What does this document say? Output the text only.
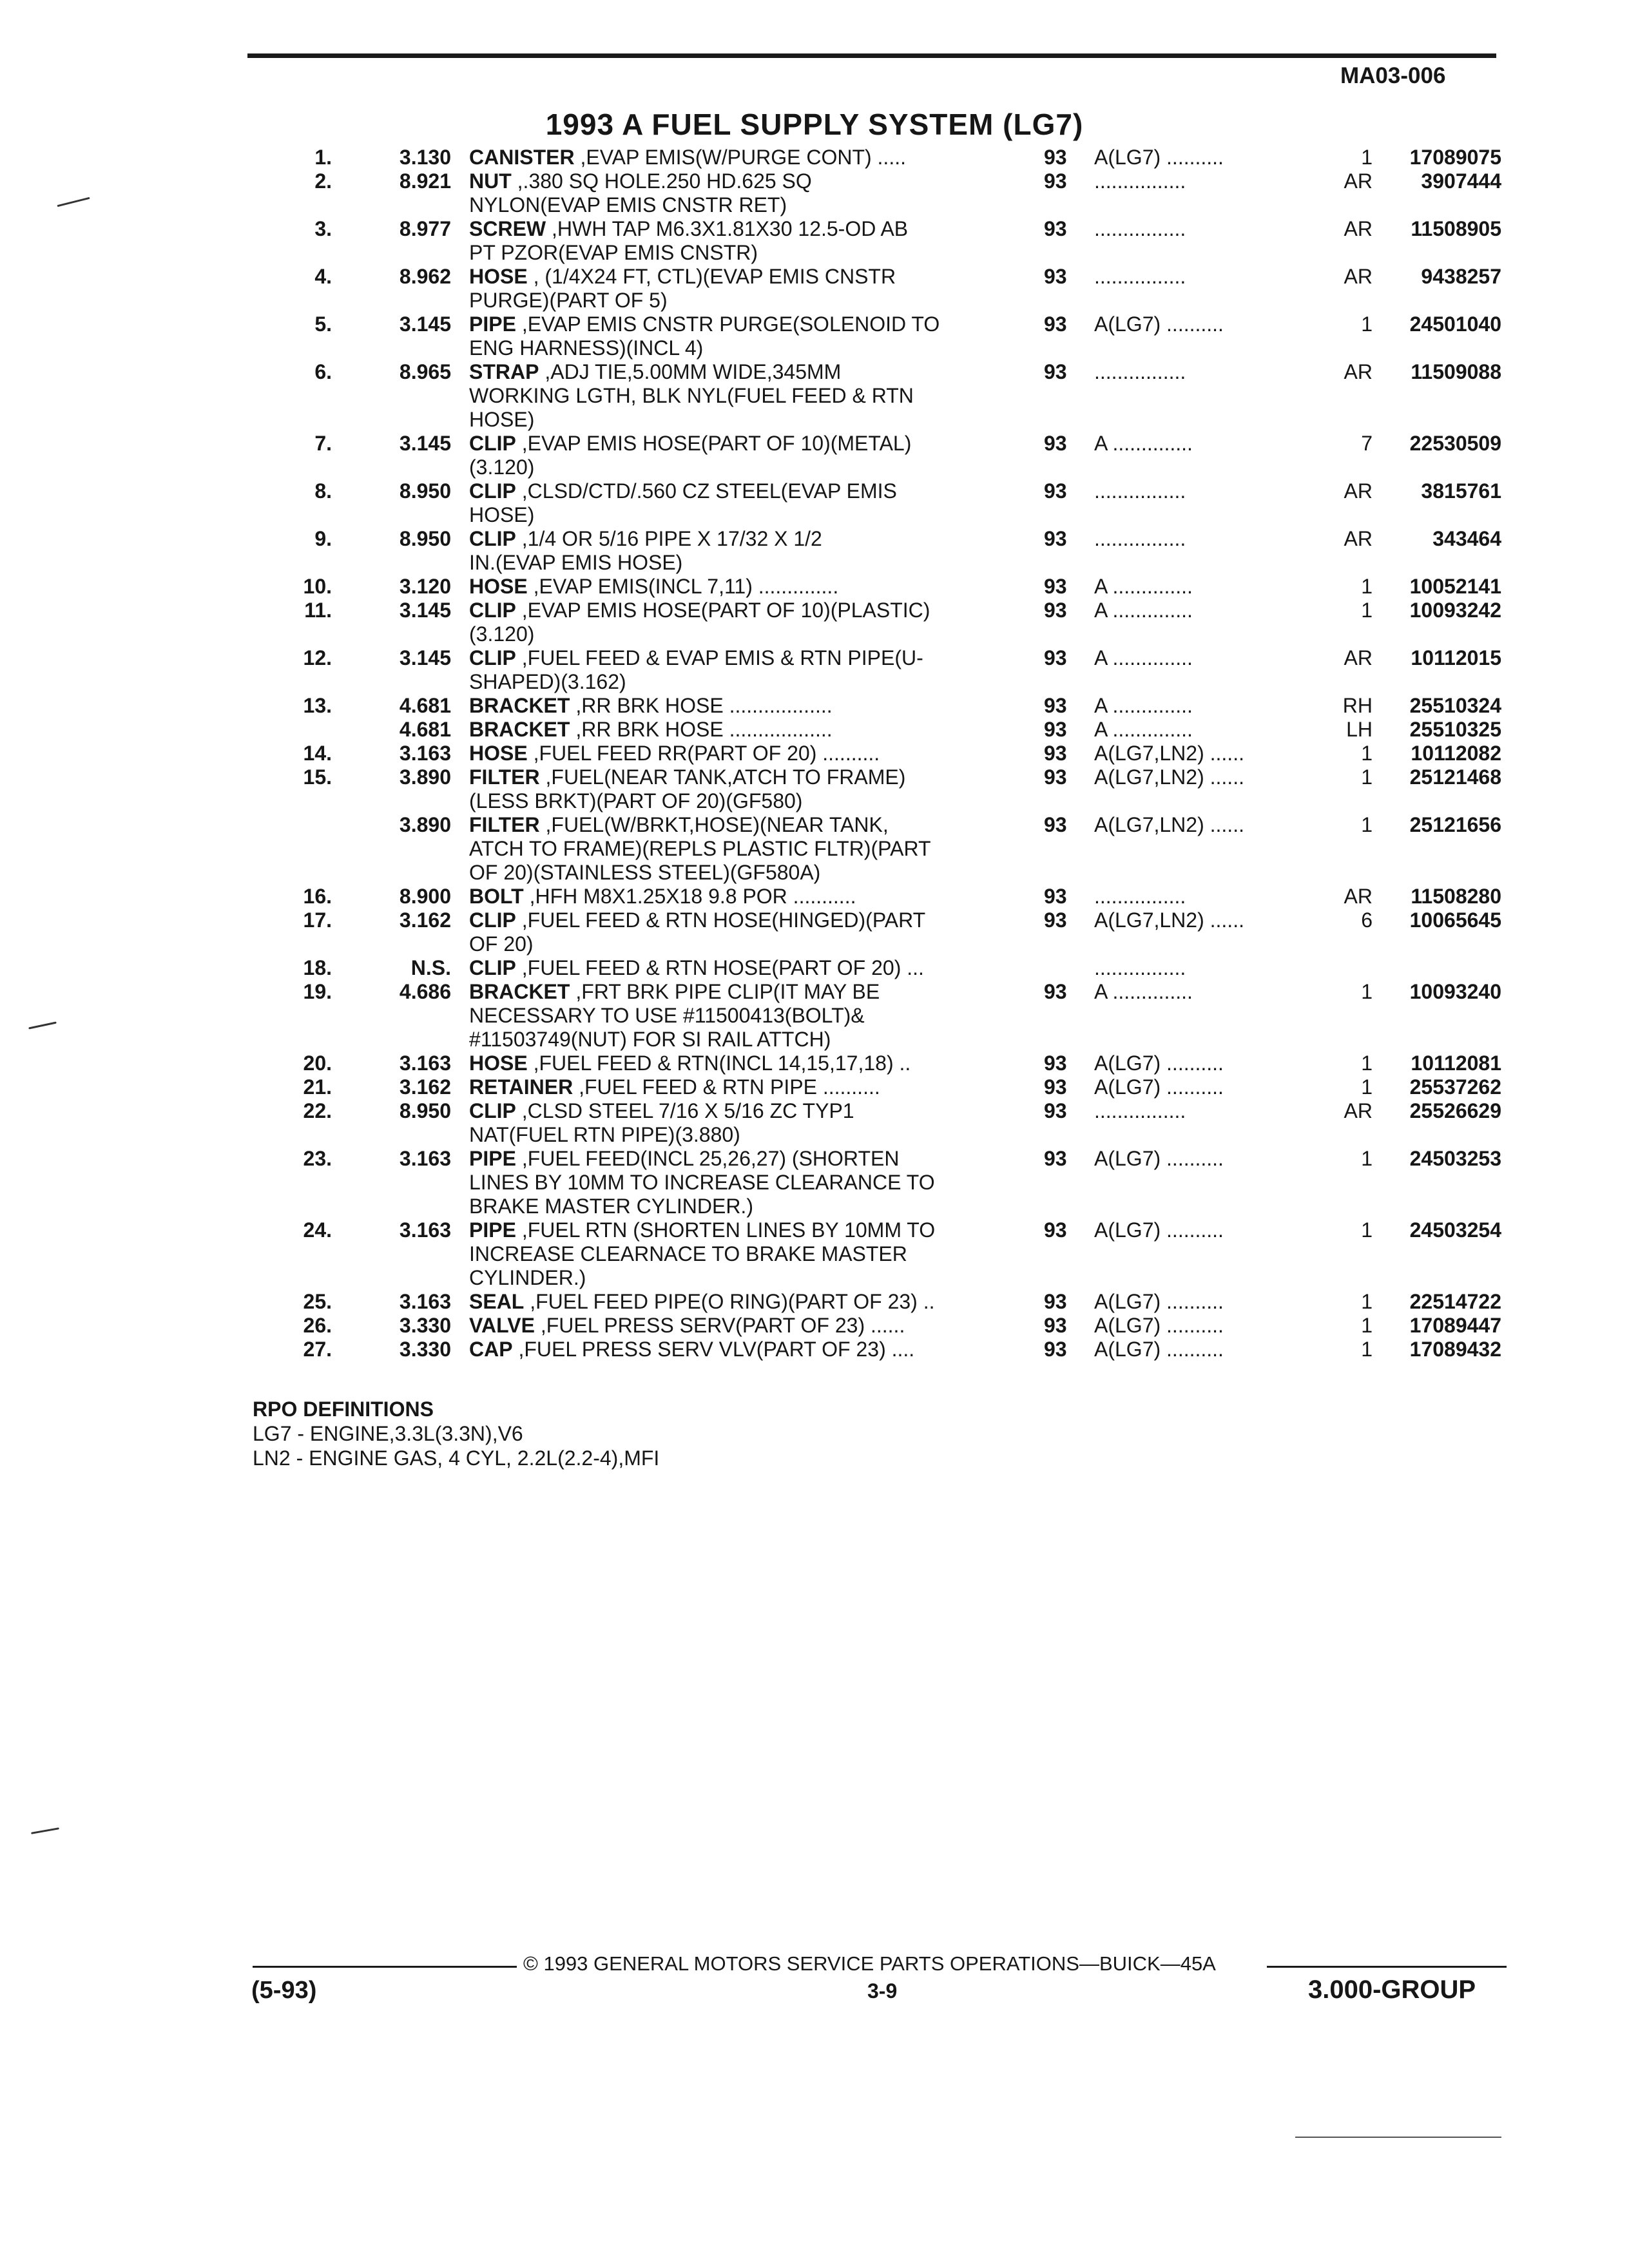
MA03-006
1993 A FUEL SUPPLY SYSTEM (LG7)
1.	3.130	93 A(LG7) ..........	1	17089075
CANISTER ,EVAP EMIS(W/PURGE CONT) .....
2.	8.921	93 ................	AR	3907444
NUT ,.380 SQ HOLE.250 HD.625 SQ
NYLON(EVAP EMIS CNSTR RET)
3.	8.977	93 ................	AR	11508905
SCREW ,HWH TAP M6.3X1.81X30 12.5-OD AB
PT PZOR(EVAP EMIS CNSTR)
4.	8.962	93 ................	AR	9438257
HOSE , (1/4X24 FT, CTL)(EVAP EMIS CNSTR
PURGE)(PART OF 5)
5.	3.145	93 A(LG7) ..........	1	24501040
PIPE ,EVAP EMIS CNSTR PURGE(SOLENOID TO
ENG HARNESS)(INCL 4)
6.	8.965	93 ................	AR	11509088
STRAP ,ADJ TIE,5.00MM WIDE,345MM
WORKING LGTH, BLK NYL(FUEL FEED & RTN
HOSE)
7.	3.145	93 A ..............	7	22530509
CLIP ,EVAP EMIS HOSE(PART OF 10)(METAL)
(3.120)
8.	8.950	93 ................	AR	3815761
CLIP ,CLSD/CTD/.560 CZ STEEL(EVAP EMIS
HOSE)
9.	8.950	93 ................	AR	343464
CLIP ,1/4 OR 5/16 PIPE X 17/32 X 1/2
IN.(EVAP EMIS HOSE)
10.	3.120	93 A ..............	1	10052141
HOSE ,EVAP EMIS(INCL 7,11) ..............
11.	3.145	93 A ..............	1	10093242
CLIP ,EVAP EMIS HOSE(PART OF 10)(PLASTIC)
(3.120)
12.	3.145	93 A ..............	AR	10112015
CLIP ,FUEL FEED & EVAP EMIS & RTN PIPE(U-
SHAPED)(3.162)
13.	4.681	93 A ..............	RH	25510324
BRACKET ,RR BRK HOSE ..................
4.681	93 A ..............	LH	25510325
BRACKET ,RR BRK HOSE ..................
14.	3.163	93 A(LG7,LN2) ......	1	10112082
HOSE ,FUEL FEED RR(PART OF 20) ..........
15.	3.890	93 A(LG7,LN2) ......	1	25121468
FILTER ,FUEL(NEAR TANK,ATCH TO FRAME)
(LESS BRKT)(PART OF 20)(GF580)
3.890	93 A(LG7,LN2) ......	1	25121656
FILTER ,FUEL(W/BRKT,HOSE)(NEAR TANK,
ATCH TO FRAME)(REPLS PLASTIC FLTR)(PART
OF 20)(STAINLESS STEEL)(GF580A)
16.	8.900	93 ................	AR	11508280
BOLT ,HFH M8X1.25X18 9.8 POR ...........
17.	3.162	93 A(LG7,LN2) ......	6	10065645
CLIP ,FUEL FEED & RTN HOSE(HINGED)(PART
OF 20)
18.	N.S.	................
CLIP ,FUEL FEED & RTN HOSE(PART OF 20) ...
19.	4.686	93 A ..............	1	10093240
BRACKET ,FRT BRK PIPE CLIP(IT MAY BE
NECESSARY TO USE #11500413(BOLT)&
#11503749(NUT) FOR SI RAIL ATTCH)
20.	3.163	93 A(LG7) ..........	1	10112081
HOSE ,FUEL FEED & RTN(INCL 14,15,17,18) ..
21.	3.162	93 A(LG7) ..........	1	25537262
RETAINER ,FUEL FEED & RTN PIPE ..........
22.	8.950	93 ................	AR	25526629
CLIP ,CLSD STEEL 7/16 X 5/16 ZC TYP1
NAT(FUEL RTN PIPE)(3.880)
23.	3.163	93 A(LG7) ..........	1	24503253
PIPE ,FUEL FEED(INCL 25,26,27) (SHORTEN
LINES BY 10MM TO INCREASE CLEARANCE TO
BRAKE MASTER CYLINDER.)
24.	3.163	93 A(LG7) ..........	1	24503254
PIPE ,FUEL RTN (SHORTEN LINES BY 10MM TO
INCREASE CLEARNACE TO BRAKE MASTER
CYLINDER.)
25.	3.163	93 A(LG7) ..........	1	22514722
SEAL ,FUEL FEED PIPE(O RING)(PART OF 23) ..
26.	3.330	93 A(LG7) ..........	1	17089447
VALVE ,FUEL PRESS SERV(PART OF 23) ......
27.	3.330	93 A(LG7) ..........	1	17089432
CAP ,FUEL PRESS SERV VLV(PART OF 23) ....
RPO DEFINITIONS
LG7 - ENGINE,3.3L(3.3N),V6
LN2 - ENGINE GAS, 4 CYL, 2.2L(2.2-4),MFI
© 1993 GENERAL MOTORS SERVICE PARTS OPERATIONS—BUICK—45A
(5-93)	3-9	3.000-GROUP
